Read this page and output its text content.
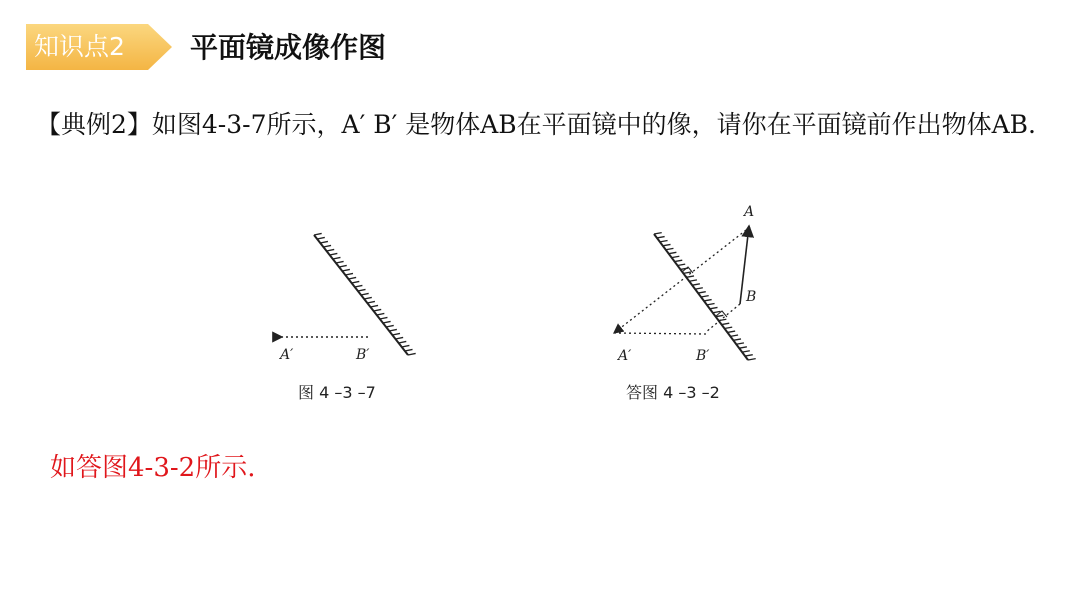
知识点2 平面镜成像作图
【典例2】如图4-3-7所示，A′ B′ 是物体AB在平面镜中的像，请你在平面镜前作出物体AB.
A′	B′
图 4 –3 –7
A
B
A′	B′
答图 4 –3 –2
如答图4-3-2所示.
